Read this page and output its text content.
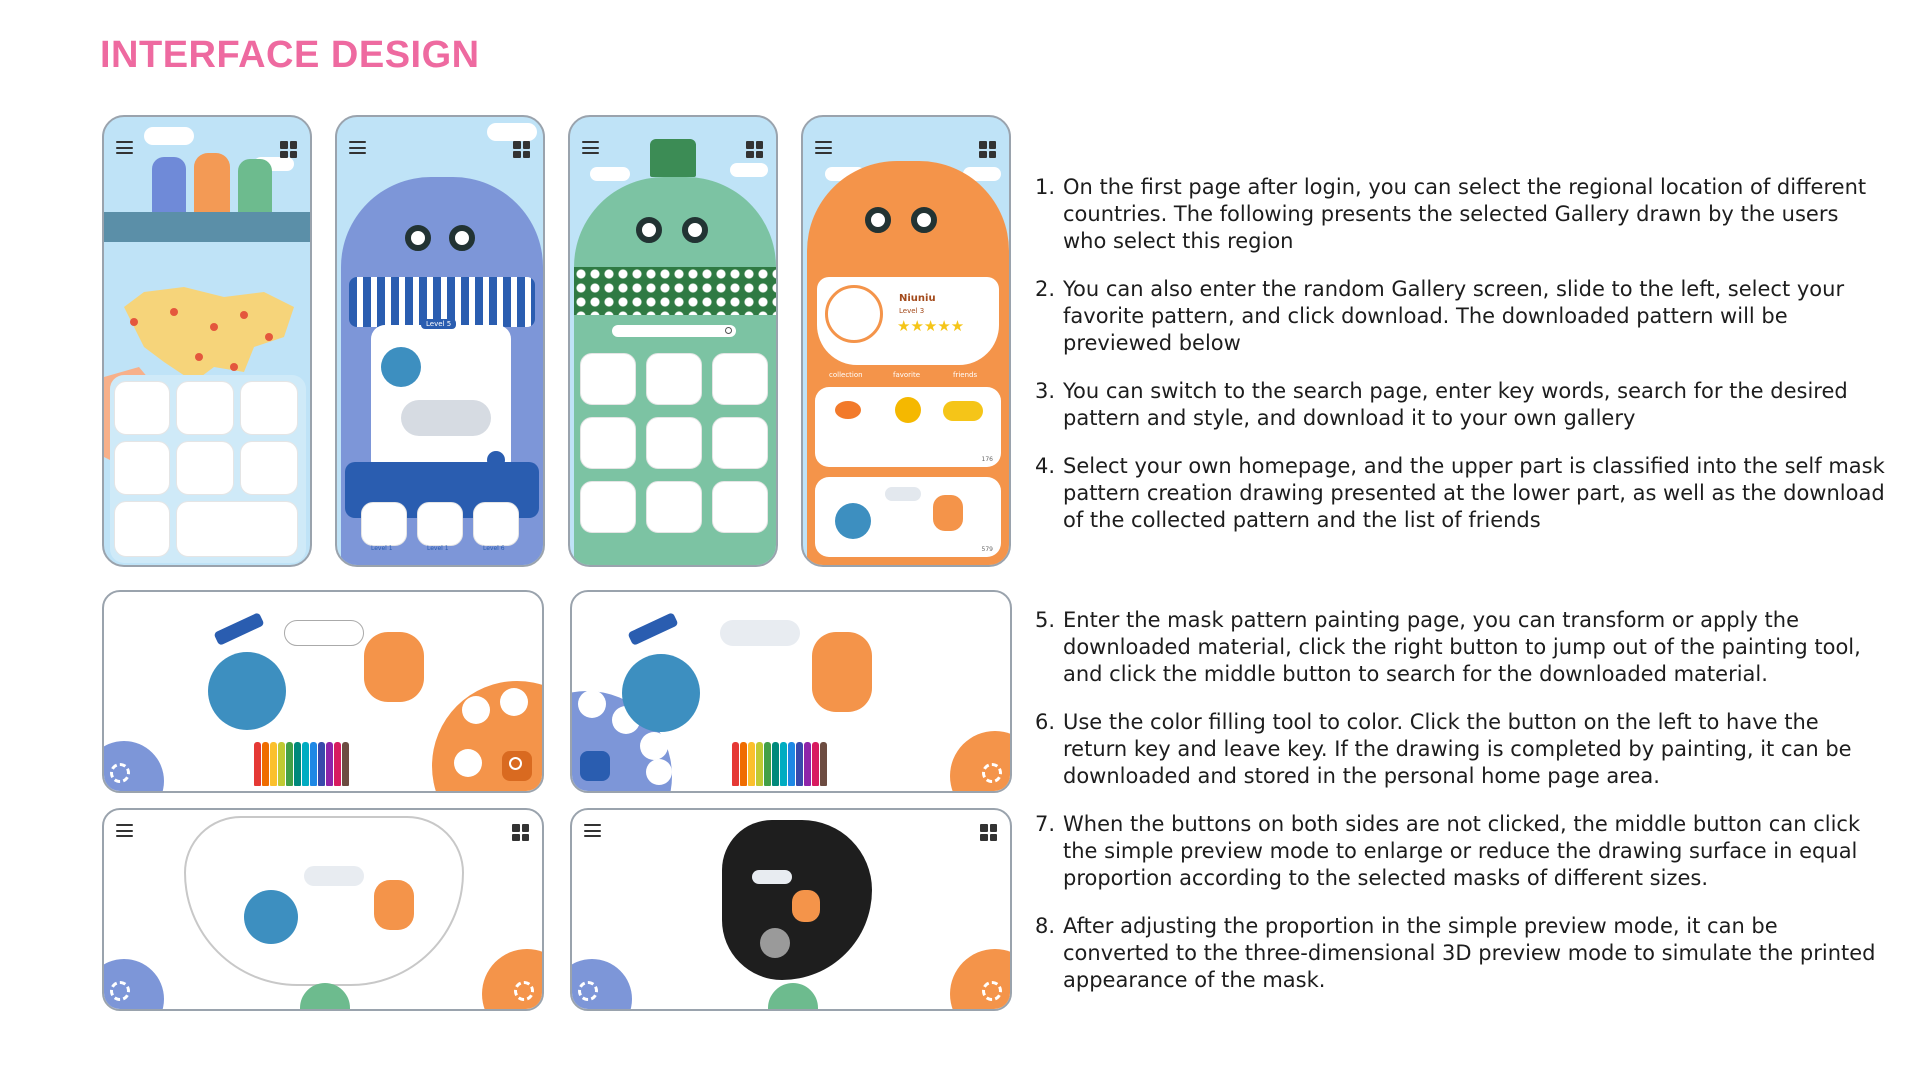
INTERFACE DESIGN
Level 5
Level 1	Level 1	Level 6
Niuniu
Level 3
★★★★★
collection	favorite	friends
176
579
1. On the first page after login, you can select the regional location of different countries. The following presents the selected Gallery drawn by the users who select this region
2. You can also enter the random Gallery screen, slide to the left, select your favorite pattern, and click download. The downloaded pattern will be previewed below
3. You can switch to the search page, enter key words, search for the desired pattern and style, and download it to your own gallery
4. Select your own homepage, and the upper part is classified into the self mask pattern creation drawing presented at the lower part, as well as the download of the collected pattern and the list of friends
5. Enter the mask pattern painting page, you can transform or apply the downloaded material, click the right button to jump out of the painting tool, and click the middle button to search for the downloaded material.
6. Use the color filling tool to color. Click the button on the left to have the return key and leave key. If the drawing is completed by painting, it can be downloaded and stored in the personal home page area.
7. When the buttons on both sides are not clicked, the middle button can click the simple preview mode to enlarge or reduce the drawing surface in equal proportion according to the selected masks of different sizes.
8. After adjusting the proportion in the simple preview mode, it can be converted to the three-dimensional 3D preview mode to simulate the printed appearance of the mask.
